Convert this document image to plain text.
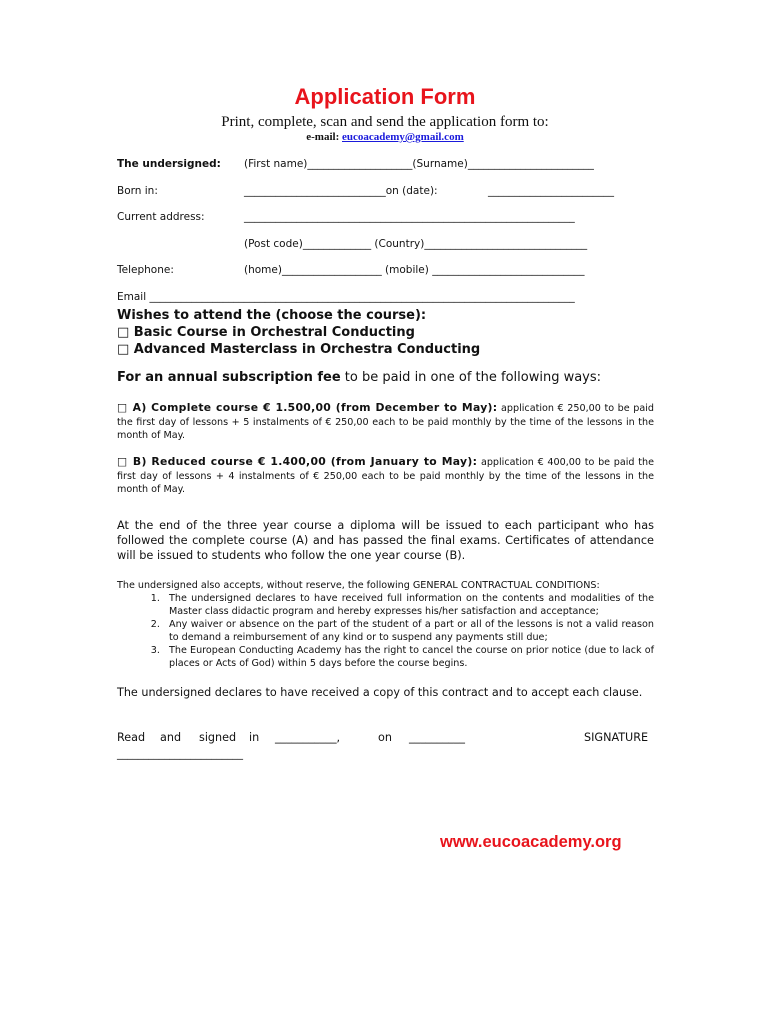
Application Form
Print, complete, scan and send the application form to:
e-mail: eucoacademy@gmail.com
The undersigned: (First name)____________________(Surname)________________________
Born in:	___________________________on (date):	________________________
Current address:	_______________________________________________________________
(Post code)_____________ (Country)_______________________________
Telephone:	(home)___________________ (mobile) _____________________________
Email _________________________________________________________________________________
Wishes to attend the (choose the course):
□ Basic Course in Orchestral Conducting
□ Advanced Masterclass in Orchestra Conducting
For an annual subscription fee to be paid in one of the following ways:
□ A) Complete course € 1.500,00 (from December to May): application € 250,00 to be paid the first day of lessons + 5 instalments of € 250,00 each to be paid monthly by the time of the lessons in the month of May.
□ B) Reduced course € 1.400,00 (from January to May): application € 400,00 to be paid the first day of lessons + 4 instalments of € 250,00 each to be paid monthly by the time of the lessons in the month of May.
At the end of the three year course a diploma will be issued to each participant who has followed the complete course (A) and has passed the final exams. Certificates of attendance will be issued to students who follow the one year course (B).
The undersigned also accepts, without reserve, the following GENERAL CONTRACTUAL CONDITIONS:
1. The undersigned declares to have received full information on the contents and modalities of the Master class didactic program and hereby expresses his/her satisfaction and acceptance;
2. Any waiver or absence on the part of the student of a part or all of the lessons is not a valid reason to demand a reimbursement of any kind or to suspend any payments still due;
3. The European Conducting Academy has the right to cancel the course on prior notice (due to lack of places or Acts of God) within 5 days before the course begins.
The undersigned declares to have received a copy of this contract and to accept each clause.
Read	and	signed	in	___________,	on	__________	SIGNATURE
________________________
www.eucoacademy.org
